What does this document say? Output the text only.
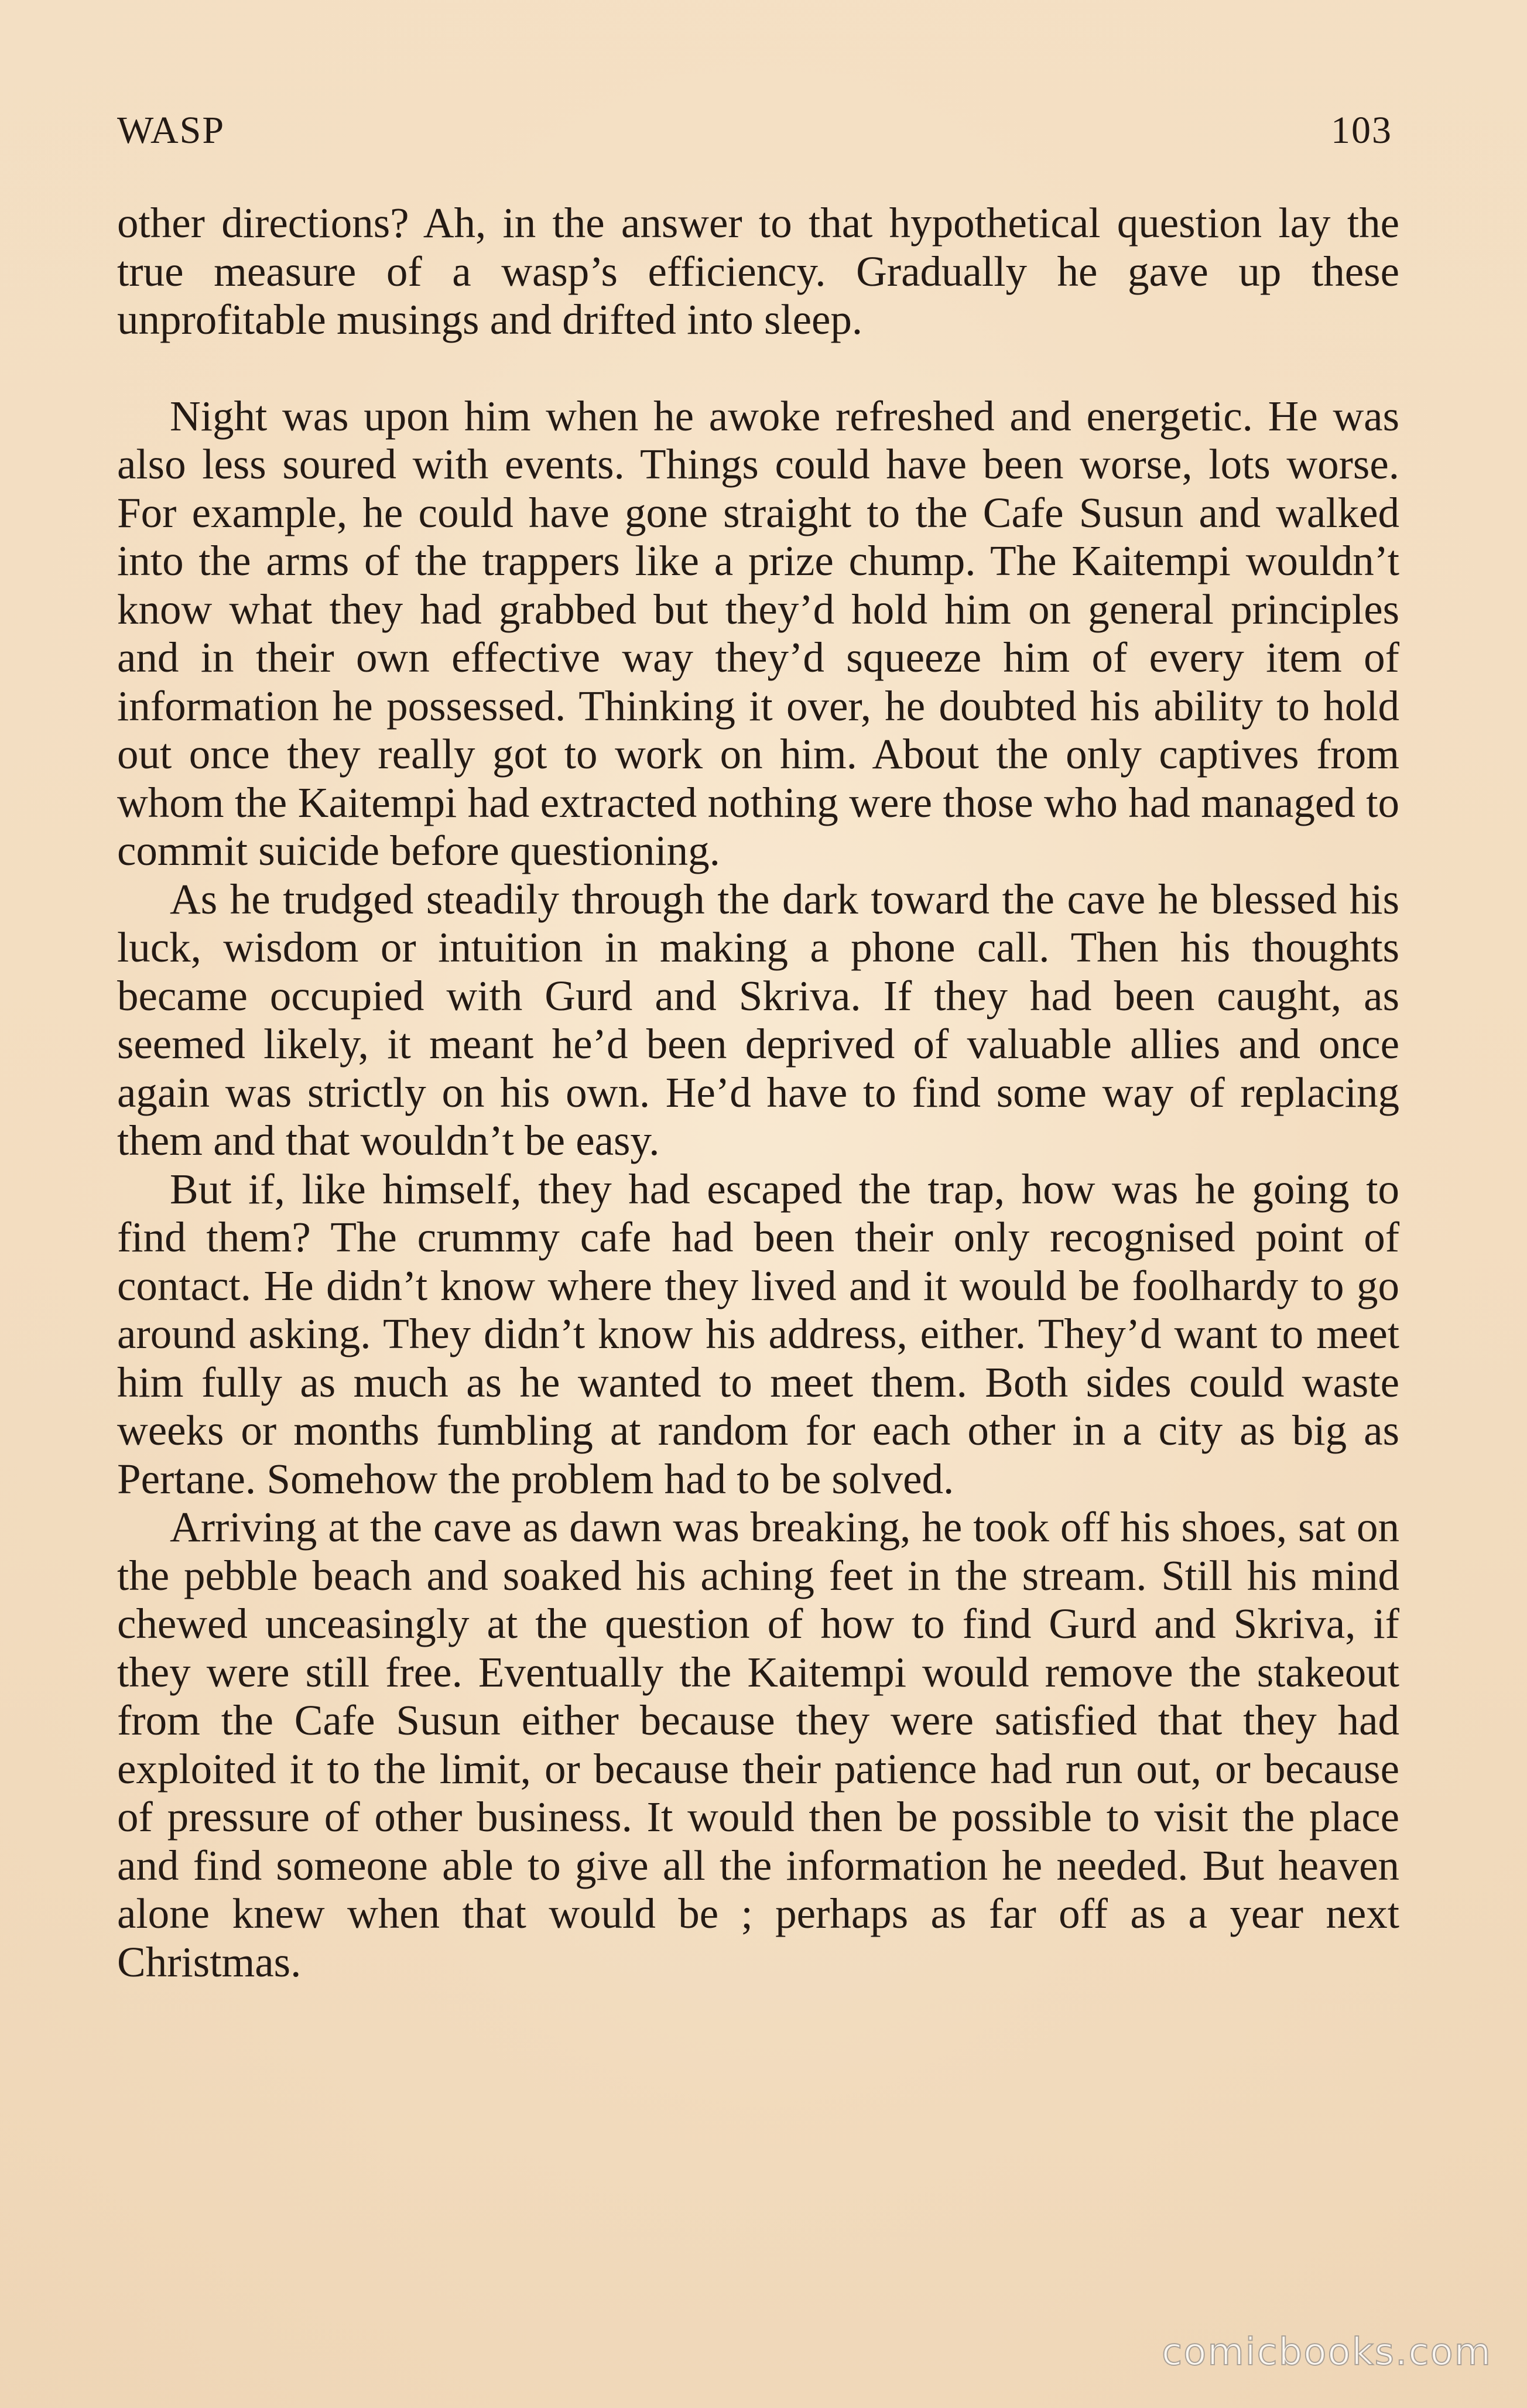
WASP	103

other directions? Ah, in the answer to that hypothetical question lay the true measure of a wasp’s efficiency. Gradually he gave up these unprofitable musings and drifted into sleep.

Night was upon him when he awoke refreshed and energetic. He was also less soured with events. Things could have been worse, lots worse. For example, he could have gone straight to the Cafe Susun and walked into the arms of the trappers like a prize chump. The Kaitempi wouldn’t know what they had grabbed but they’d hold him on general principles and in their own effective way they’d squeeze him of every item of information he possessed. Thinking it over, he doubted his ability to hold out once they really got to work on him. About the only captives from whom the Kaitempi had extracted nothing were those who had managed to commit suicide before questioning.

As he trudged steadily through the dark toward the cave he blessed his luck, wisdom or intuition in making a phone call. Then his thoughts became occupied with Gurd and Skriva. If they had been caught, as seemed likely, it meant he’d been deprived of valuable allies and once again was strictly on his own. He’d have to find some way of replacing them and that wouldn’t be easy.

But if, like himself, they had escaped the trap, how was he going to find them? The crummy cafe had been their only recognised point of contact. He didn’t know where they lived and it would be foolhardy to go around asking. They didn’t know his address, either. They’d want to meet him fully as much as he wanted to meet them. Both sides could waste weeks or months fumbling at random for each other in a city as big as Pertane. Somehow the problem had to be solved.

Arriving at the cave as dawn was breaking, he took off his shoes, sat on the pebble beach and soaked his aching feet in the stream. Still his mind chewed unceasingly at the question of how to find Gurd and Skriva, if they were still free. Eventually the Kaitempi would remove the stakeout from the Cafe Susun either because they were satisfied that they had exploited it to the limit, or because their patience had run out, or because of pressure of other business. It would then be possible to visit the place and find someone able to give all the information he needed. But heaven alone knew when that would be ; perhaps as far off as a year next Christmas.

comicbooks.com
